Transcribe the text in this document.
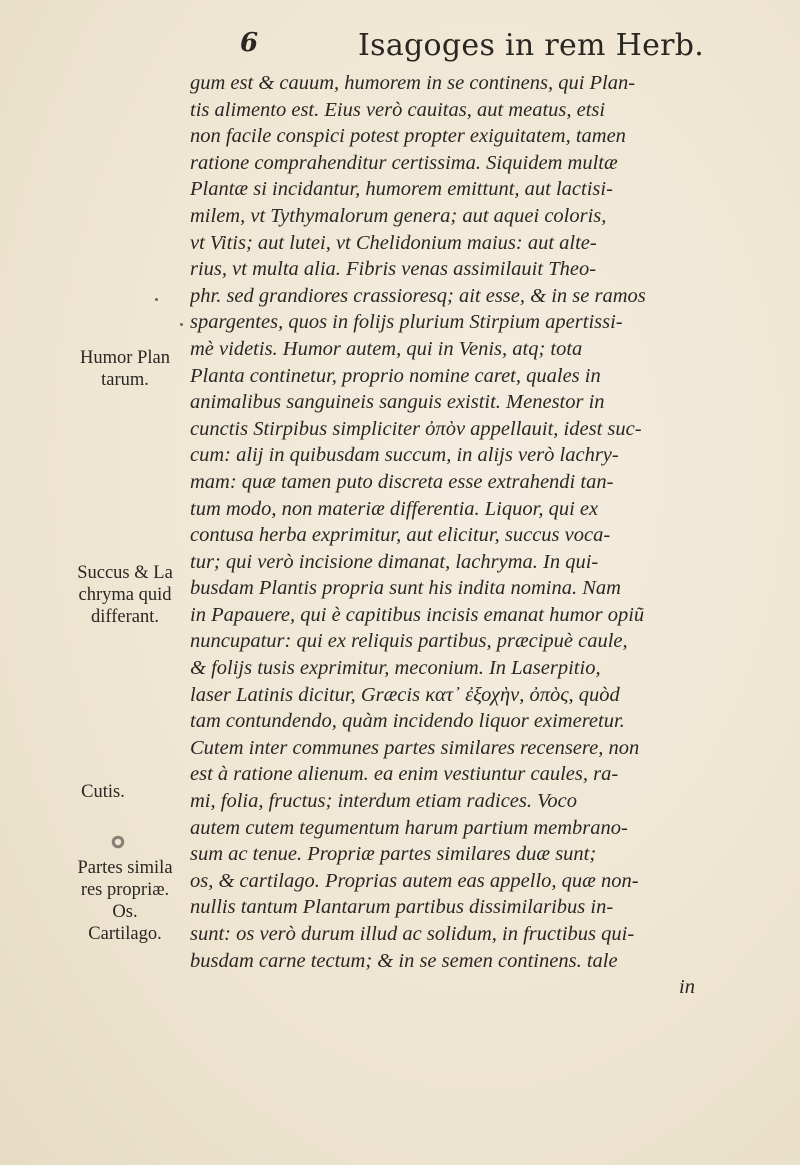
6	Isagoges in rem Herb.
gum est & cauum, humorem in se continens, qui Plan-
tis alimento est. Eius verò cauitas, aut meatus, etsi
non facile conspici potest propter exiguitatem, tamen
ratione comprahenditur certissima. Siquidem multæ
Plantæ si incidantur, humorem emittunt, aut lactisi-
milem, vt Tythymalorum genera; aut aquei coloris,
vt Vitis; aut lutei, vt Chelidonium maius: aut alte-
rius, vt multa alia. Fibris venas assimilauit Theo-
phr. sed grandiores crassioresq; ait esse, & in se ramos
spargentes, quos in folijs plurium Stirpium apertissi-
mè videtis. Humor autem, qui in Venis, atq; tota
Planta continetur, proprio nomine caret, quales in
animalibus sanguineis sanguis existit. Menestor in
cunctis Stirpibus simpliciter ὀπὸν appellauit, idest suc-
cum: alij in quibusdam succum, in alijs verò lachry-
mam: quæ tamen puto discreta esse extrahendi tan-
tum modo, non materiæ differentia. Liquor, qui ex
contusa herba exprimitur, aut elicitur, succus voca-
tur; qui verò incisione dimanat, lachryma. In qui-
busdam Plantis propria sunt his indita nomina. Nam
in Papauere, qui è capitibus incisis emanat humor opiũ
nuncupatur: qui ex reliquis partibus, præcipuè caule,
& folijs tusis exprimitur, meconium. In Laserpitio,
laser Latinis dicitur, Græcis κατ᾽ ἐξοχὴν, ὀπὸς, quòd
tam contundendo, quàm incidendo liquor eximeretur.
Cutem inter communes partes similares recensere, non
est à ratione alienum. ea enim vestiuntur caules, ra-
mi, folia, fructus; interdum etiam radices. Voco
autem cutem tegumentum harum partium membrano-
sum ac tenue. Propriæ partes similares duæ sunt;
os, & cartilago. Proprias autem eas appello, quæ non-
nullis tantum Plantarum partibus dissimilaribus in-
sunt: os verò durum illud ac solidum, in fructibus qui-
busdam carne tectum; & in se semen continens. tale
in
Humor Plan
tarum.
Succus & La
chryma quid
differant.
Cutis.
Partes simila
res propriæ.
Os.
Cartilago.
